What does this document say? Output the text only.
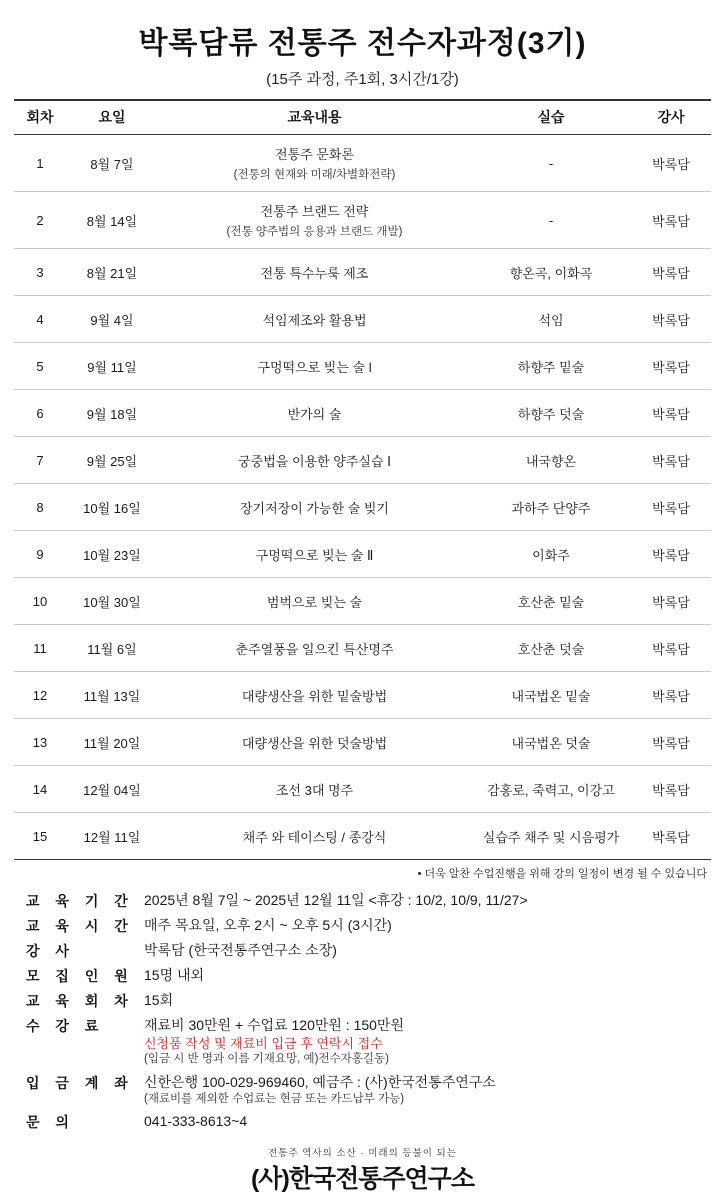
박록담류 전통주 전수자과정(3기)
(15주 과정, 주1회, 3시간/1강)
회차	요일	교육내용	실습	강사
1	8월 7일	전통주 문화론
(전통의 현재와 미래/차별화전략)	-	박록담
2	8월 14일	전통주 브랜드 전략
(전통 양주법의 응용과 브랜드 개발)	-	박록담
3	8월 21일	전통 특수누룩 제조	향온곡, 이화곡	박록담
4	9월 4일	석임제조와 활용법	석임	박록담
5	9월 11일	구멍떡으로 빚는 술 l	하향주 밑술	박록담
6	9월 18일	반가의 술	하향주 덧술	박록담
7	9월 25일	궁중법을 이용한 양주실습 Ⅰ	내국향온	박록담
8	10월 16일	장기저장이 가능한 술 빚기	과하주 단양주	박록담
9	10월 23일	구멍떡으로 빚는 술 Ⅱ	이화주	박록담
10	10월 30일	범벅으로 빚는 술	호산춘 밑술	박록담
11	11월 6일	춘주열풍을 일으킨 특산명주	호산춘 덧술	박록담
12	11월 13일	대량생산을 위한 밑술방법	내국법온 밑술	박록담
13	11월 20일	대량생산을 위한 덧술방법	내국법온 덧술	박록담
14	12월 04일	조선 3대 명주	감홍로, 죽력고, 이강고	박록담
15	12월 11일	채주 와 테이스팅 / 종강식	실습주 채주 및 시음평가	박록담
• 더욱 알찬 수업진행을 위해 강의 일정이 변경 될 수 있습니다
교 육 기 간	2025년 8월 7일 ~ 2025년 12월 11일 <휴강 : 10/2, 10/9, 11/27>
교 육 시 간	매주 목요일, 오후 2시 ~ 오후 5시 (3시간)
강 사	박록담 (한국전통주연구소 소장)
모 집 인 원	15명 내외
교 육 회 차	15회
수 강 료	재료비 30만원 + 수업료 120만원 : 150만원
신청품 작성 및 재료비 입금 후 연락시 접수
(입금 시 반 명과 이름 기재요망, 예)전수자홍길동)

입 금 계 좌	신한은행 100-029-969460, 예금주 : (사)한국전통주연구소
(재료비를 제외한 수업료는 현금 또는 카드납부 가능)

문 의	041-333-8613~4
전통주 역사의 소산 · 미래의 등불이 되는
(사)한국전통주연구소
